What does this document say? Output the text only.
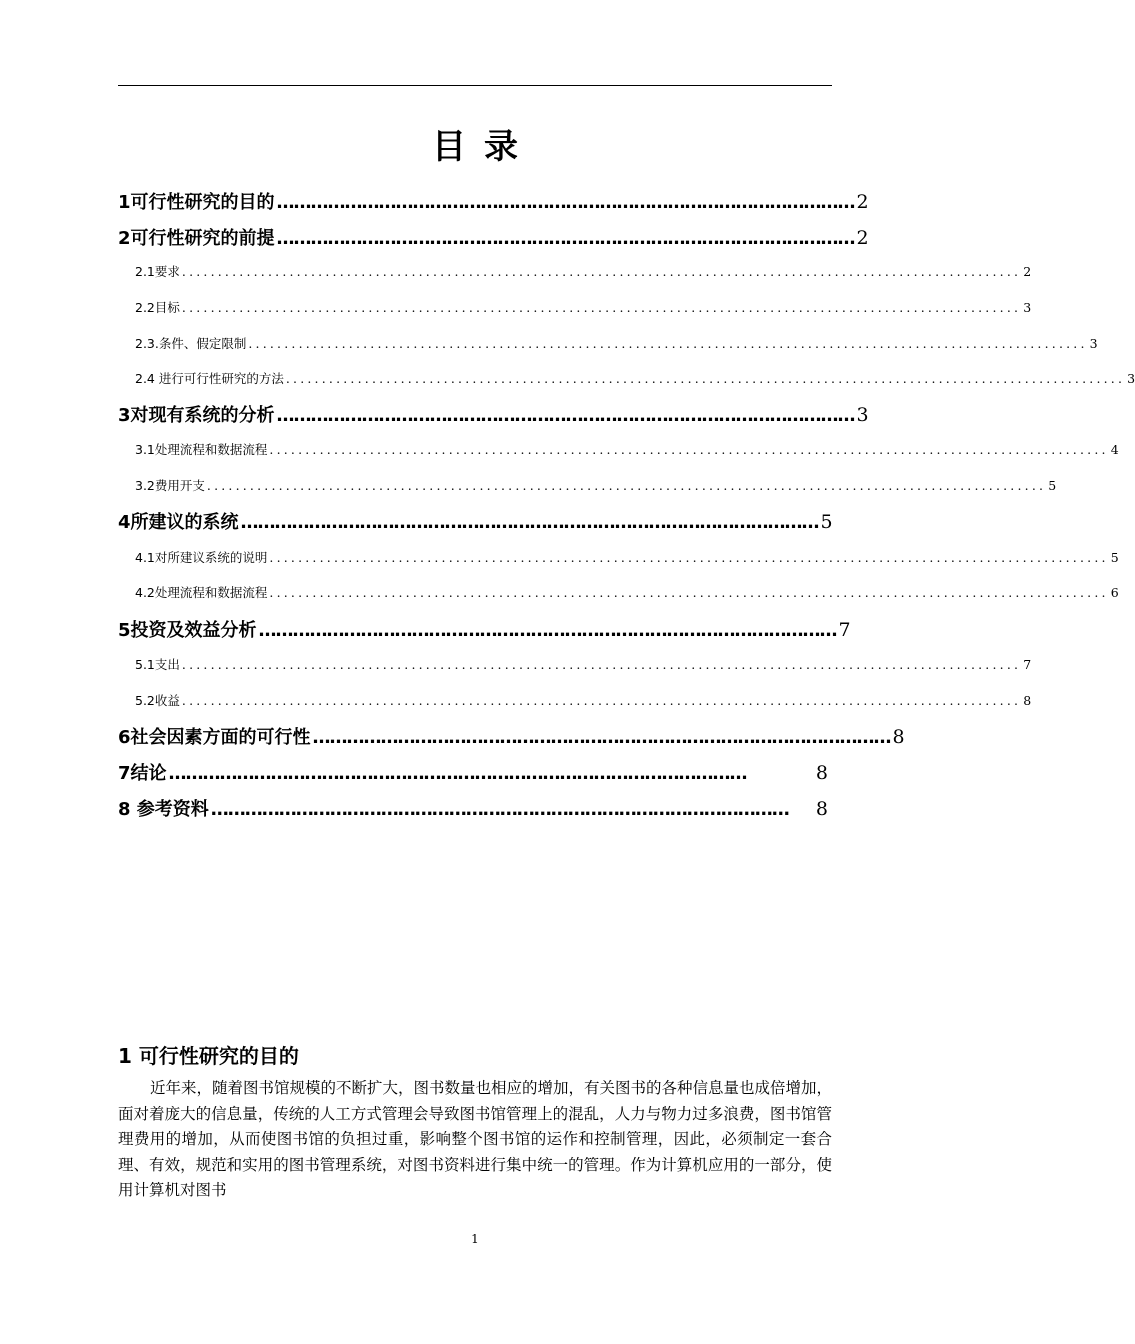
目录
1可行性研究的目的 ………………………………………………………………………………………… 2
2可行性研究的前提 ………………………………………………………………………………………… 2
2.1要求 ..................................................................................................................... 2
2.2目标 ..................................................................................................................... 3
2.3.条件、假定限制 ..................................................................................................................... 3
2.4 进行可行性研究的方法 ..................................................................................................................... 3
3对现有系统的分析 ………………………………………………………………………………………… 3
3.1处理流程和数据流程 ..................................................................................................................... 4
3.2费用开支 ..................................................................................................................... 5
4所建议的系统 ………………………………………………………………………………………… 5
4.1对所建议系统的说明 ..................................................................................................................... 5
4.2处理流程和数据流程 ..................................................................................................................... 6
5投资及效益分析 ………………………………………………………………………………………… 7
5.1支出 ..................................................................................................................... 7
5.2收益 ..................................................................................................................... 8
6社会因素方面的可行性 ………………………………………………………………………………………… 8
7结论 …………………………………………………………………………………………	8
8 参考资料 …………………………………………………………………………………………	8
1 可行性研究的目的

近年来，随着图书馆规模的不断扩大，图书数量也相应的增加，有关图书的各种信息量也成倍增加，面对着庞大的信息量，传统的人工方式管理会导致图书馆管理上的混乱，人力与物力过多浪费，图书馆管理费用的增加，从而使图书馆的负担过重，影响整个图书馆的运作和控制管理，因此，必须制定一套合理、有效，规范和实用的图书管理系统，对图书资料进行集中统一的管理。作为计算机应用的一部分，使用计算机对图书

1
